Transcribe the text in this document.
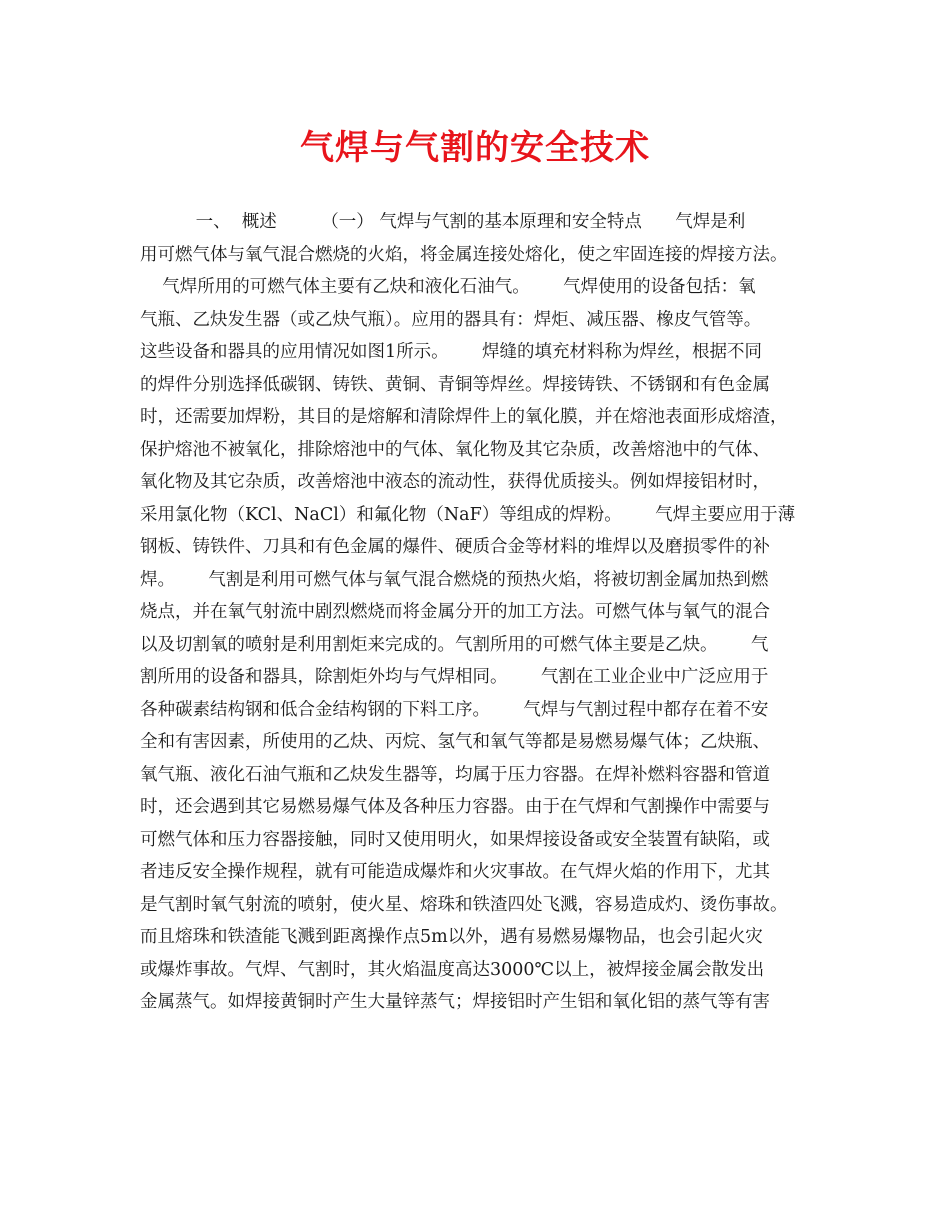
气焊与气割的安全技术
一、  概述        （一） 气焊与气割的基本原理和安全特点      气焊是利
用可燃气体与氧气混合燃烧的火焰，将金属连接处熔化，使之牢固连接的焊接方法。
气焊所用的可燃气体主要有乙炔和液化石油气。      气焊使用的设备包括：氧
气瓶、乙炔发生器（或乙炔气瓶）。应用的器具有：焊炬、减压器、橡皮气管等。
这些设备和器具的应用情况如图1所示。      焊缝的填充材料称为焊丝，根据不同
的焊件分别选择低碳钢、铸铁、黄铜、青铜等焊丝。焊接铸铁、不锈钢和有色金属
时，还需要加焊粉，其目的是熔解和清除焊件上的氧化膜，并在熔池表面形成熔渣，
保护熔池不被氧化，排除熔池中的气体、氧化物及其它杂质，改善熔池中的气体、
氧化物及其它杂质，改善熔池中液态的流动性，获得优质接头。例如焊接铝材时，
采用氯化物（KCl、NaCl）和氟化物（NaF）等组成的焊粉。      气焊主要应用于薄
钢板、铸铁件、刀具和有色金属的爆件、硬质合金等材料的堆焊以及磨损零件的补
焊。      气割是利用可燃气体与氧气混合燃烧的预热火焰，将被切割金属加热到燃
烧点，并在氧气射流中剧烈燃烧而将金属分开的加工方法。可燃气体与氧气的混合
以及切割氧的喷射是利用割炬来完成的。气割所用的可燃气体主要是乙炔。      气
割所用的设备和器具，除割炬外均与气焊相同。      气割在工业企业中广泛应用于
各种碳素结构钢和低合金结构钢的下料工序。      气焊与气割过程中都存在着不安
全和有害因素，所使用的乙炔、丙烷、氢气和氧气等都是易燃易爆气体；乙炔瓶、
氧气瓶、液化石油气瓶和乙炔发生器等，均属于压力容器。在焊补燃料容器和管道
时，还会遇到其它易燃易爆气体及各种压力容器。由于在气焊和气割操作中需要与
可燃气体和压力容器接触，同时又使用明火，如果焊接设备或安全装置有缺陷，或
者违反安全操作规程，就有可能造成爆炸和火灾事故。在气焊火焰的作用下，尤其
是气割时氧气射流的喷射，使火星、熔珠和铁渣四处飞溅，容易造成灼、烫伤事故。
而且熔珠和铁渣能飞溅到距离操作点5m以外，遇有易燃易爆物品，也会引起火灾
或爆炸事故。气焊、气割时，其火焰温度高达3000℃以上，被焊接金属会散发出
金属蒸气。如焊接黄铜时产生大量锌蒸气；焊接铝时产生铝和氧化铝的蒸气等有害
